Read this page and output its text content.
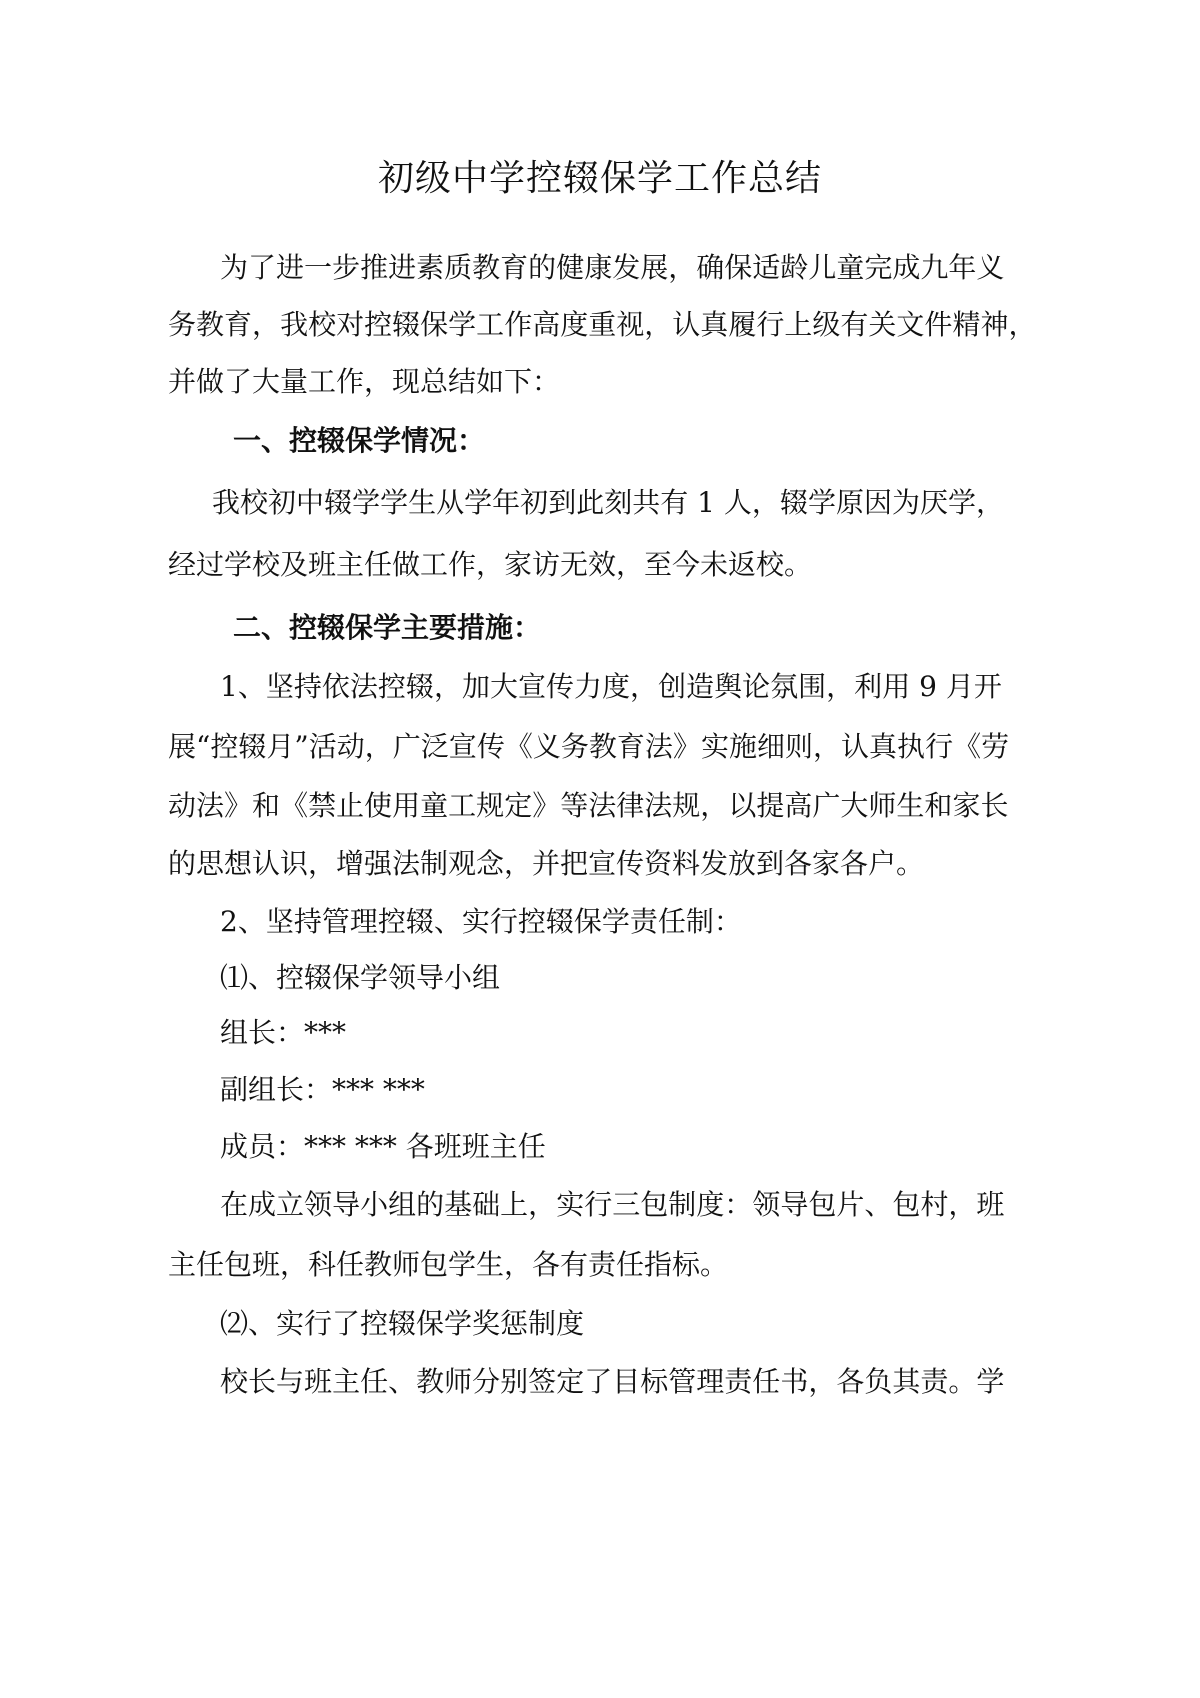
初级中学控辍保学工作总结
为 了 进 一 步 推 进 素 质 教 育 的 健 康 发 展 ， 确 保 适 龄 儿 童 完 成 九 年 义
务 教 育 ， 我 校 对 控 辍 保 学 工 作 高 度 重 视 ， 认 真 履 行 上 级 有 关 文 件 精 神 ，
并做了大量工作，现总结如下：
一、控辍保学情况：
我 校 初 中 辍 学 学 生 从 学 年 初 到 此 刻 共 有
1
人 ， 辍 学 原 因 为 厌 学 ，
经过学校及班主任做工作，家访无效，至今未返校。
二、控辍保学主要措施：
1 、 坚 持 依 法 控 辍 ， 加 大 宣 传 力 度 ， 创 造 舆 论 氛 围 ， 利 用
9
月 开
展 “ 控 辍 月 ” 活 动 ， 广 泛 宣 传 《 义 务 教 育 法 》 实 施 细 则 ， 认 真 执 行 《 劳
动 法 》 和 《 禁 止 使 用 童 工 规 定 》 等 法 律 法 规 ， 以 提 高 广 大 师 生 和 家 长
的思想认识，增强法制观念，并把宣传资料发放到各家各户。
2、坚持管理控辍、实行控辍保学责任制：
⑴、控辍保学领导小组
组长：***
副组长：*** ***
成员：*** *** 各班班主任
在 成 立 领 导 小 组 的 基 础 上 ， 实 行 三 包 制 度 ： 领 导 包 片 、 包 村 ， 班
主任包班，科任教师包学生，各有责任指标。
⑵、实行了控辍保学奖惩制度
校 长 与 班 主 任 、 教 师 分 别 签 定 了 目 标 管 理 责 任 书 ， 各 负 其 责 。 学
